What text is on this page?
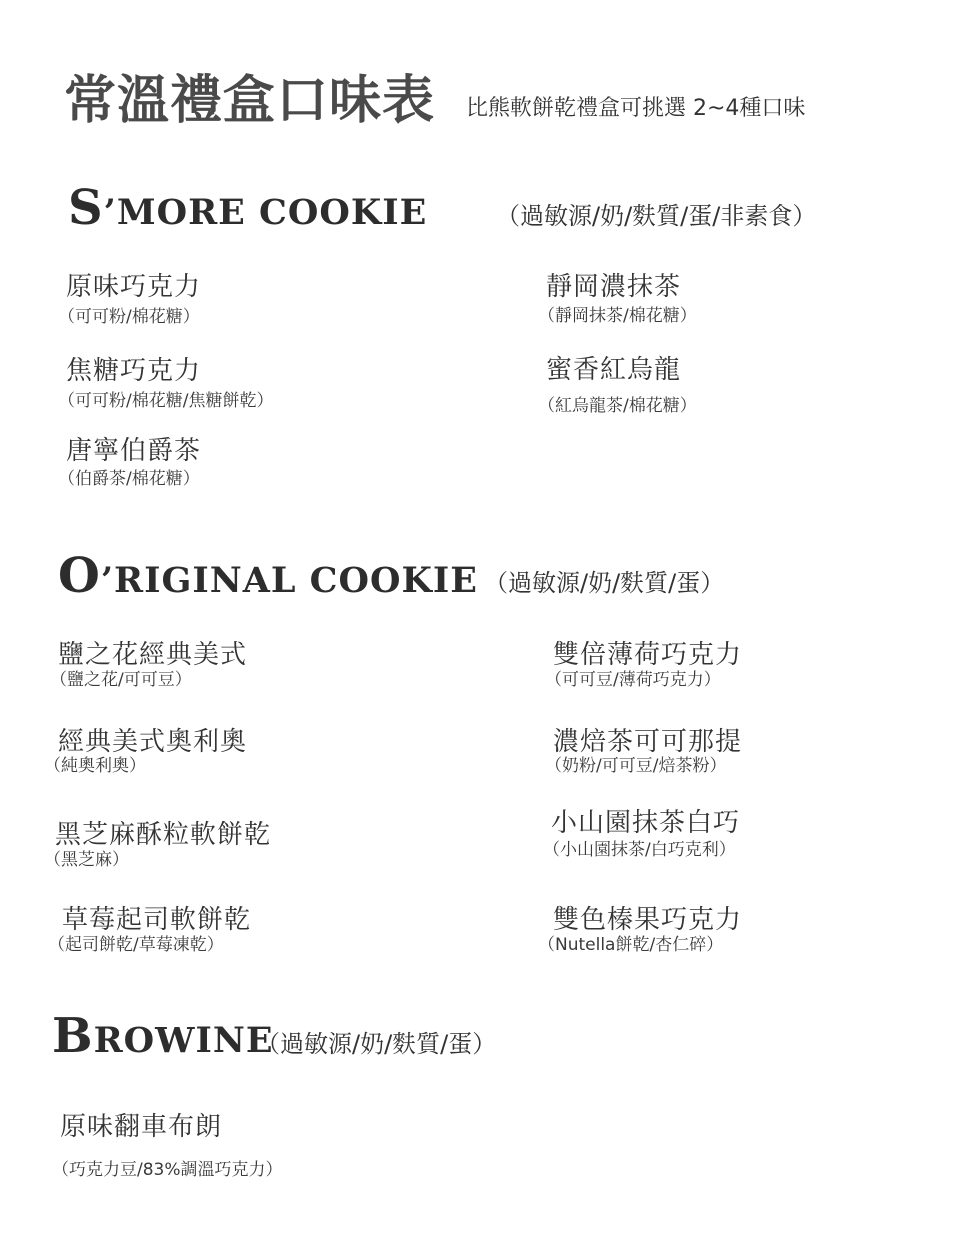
常溫禮盒口味表 比熊軟餅乾禮盒可挑選 2~4種口味
S’MORE COOKIE	（過敏源/奶/麩質/蛋/非素食）
原味巧克力
（可可粉/棉花糖）
靜岡濃抹茶
（靜岡抹茶/棉花糖）
焦糖巧克力
（可可粉/棉花糖/焦糖餅乾）
蜜香紅烏龍
（紅烏龍茶/棉花糖）
唐寧伯爵茶
（伯爵茶/棉花糖）
O’RIGINAL COOKIE （過敏源/奶/麩質/蛋）
鹽之花經典美式
（鹽之花/可可豆）
雙倍薄荷巧克力
（可可豆/薄荷巧克力）
經典美式奧利奧
（純奧利奧）
濃焙茶可可那提
（奶粉/可可豆/焙茶粉）
黑芝麻酥粒軟餅乾
（黑芝麻）
小山園抹茶白巧
（小山園抹茶/白巧克利）
草莓起司軟餅乾
（起司餅乾/草莓凍乾）
雙色榛果巧克力
（Nutella餅乾/杏仁碎）
BROWINE
（過敏源/奶/麩質/蛋）
原味翻車布朗
（巧克力豆/83%調溫巧克力）
